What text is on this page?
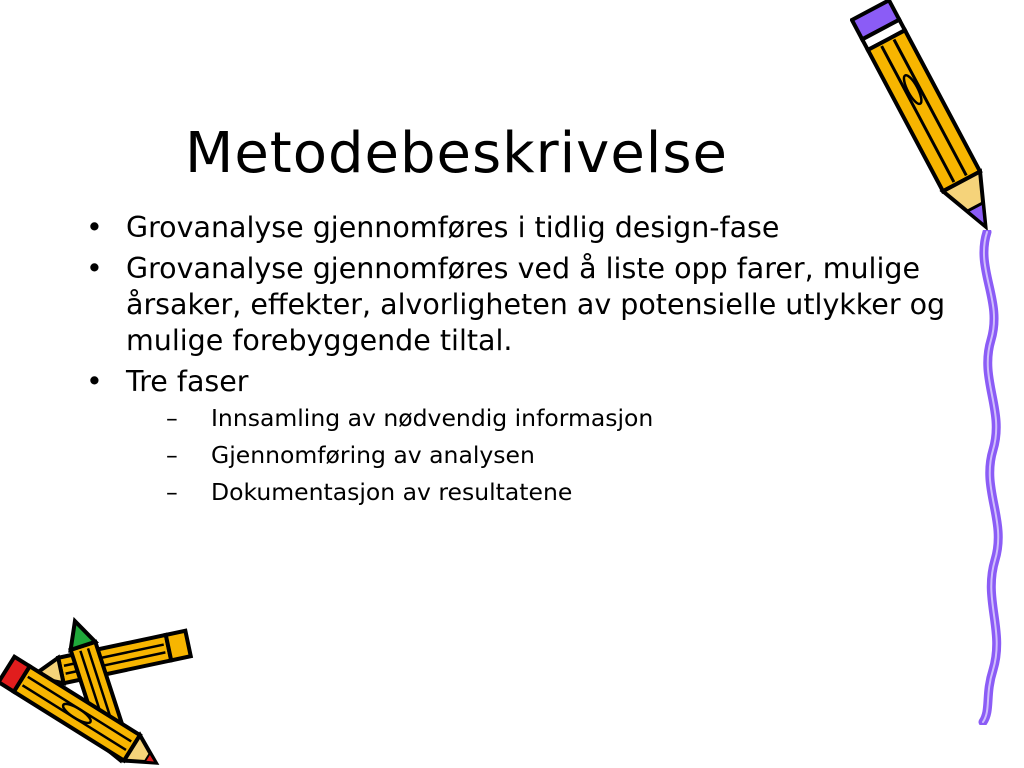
Metodebeskrivelse
• Grovanalyse gjennomføres i tidlig design-fase
• Grovanalyse gjennomføres ved å liste opp farer, mulige årsaker, effekter, alvorligheten av potensielle utlykker og mulige forebyggende tiltal.
• Tre faser
– Innsamling av nødvendig informasjon
– Gjennomføring av analysen
– Dokumentasjon av resultatene
